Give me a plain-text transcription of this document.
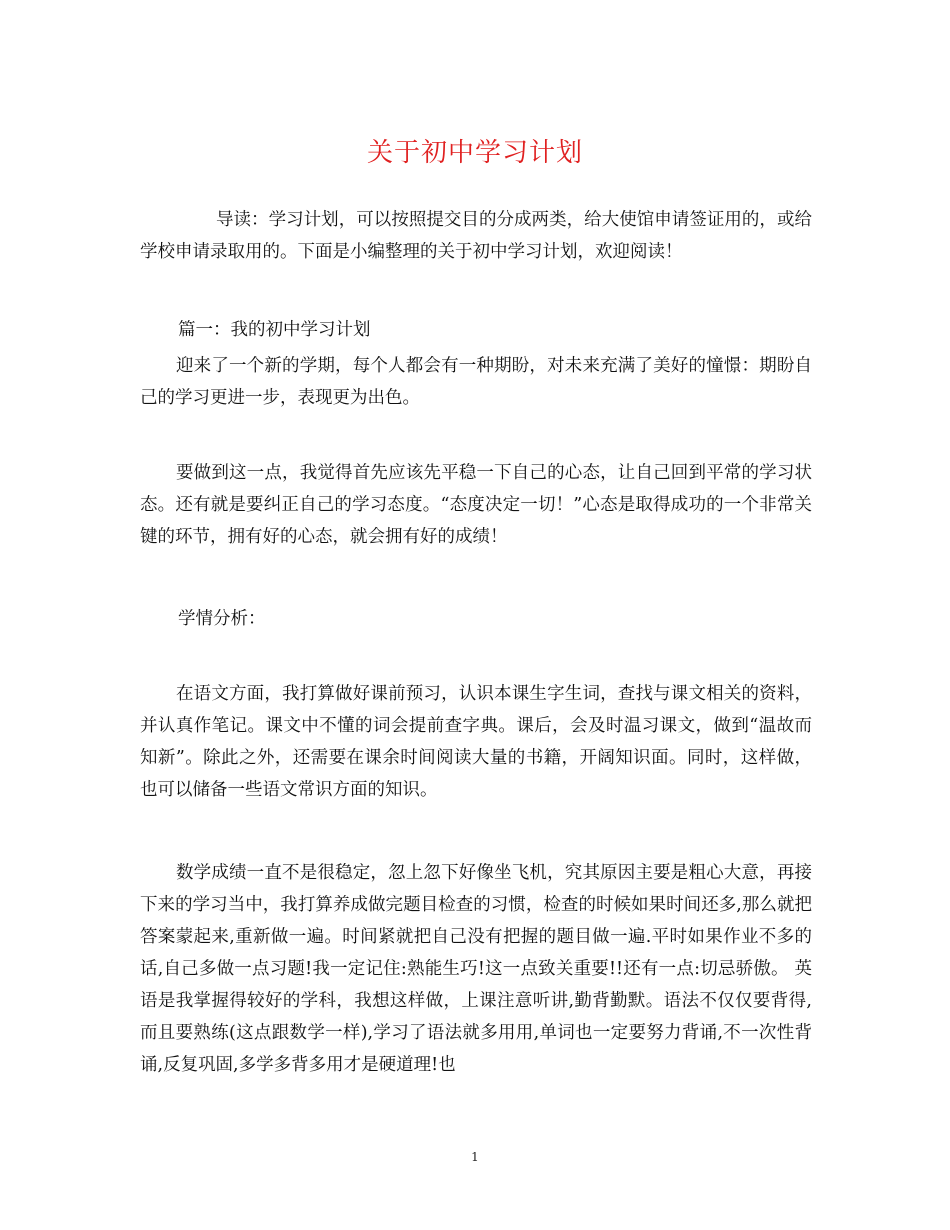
关于初中学习计划

导读：学习计划，可以按照提交目的分成两类，给大使馆申请签证用的，或给学校申请录取用的。下面是小编整理的关于初中学习计划，欢迎阅读！

篇一：我的初中学习计划

迎来了一个新的学期，每个人都会有一种期盼，对未来充满了美好的憧憬：期盼自己的学习更进一步，表现更为出色。

要做到这一点，我觉得首先应该先平稳一下自己的心态，让自己回到平常的学习状态。还有就是要纠正自己的学习态度。“态度决定一切！”心态是取得成功的一个非常关键的环节，拥有好的心态，就会拥有好的成绩！

学情分析：

在语文方面，我打算做好课前预习，认识本课生字生词，查找与课文相关的资料，并认真作笔记。课文中不懂的词会提前查字典。课后，会及时温习课文，做到“温故而知新”。除此之外，还需要在课余时间阅读大量的书籍，开阔知识面。同时，这样做，也可以储备一些语文常识方面的知识。

数学成绩一直不是很稳定，忽上忽下好像坐飞机，究其原因主要是粗心大意，再接下来的学习当中，我打算养成做完题目检查的习惯，检查的时候如果时间还多,那么就把答案蒙起来,重新做一遍。时间紧就把自己没有把握的题目做一遍.平时如果作业不多的话,自己多做一点习题!我一定记住:熟能生巧!这一点致关重要!!还有一点:切忌骄傲。 英语是我掌握得较好的学科，我想这样做，上课注意听讲,勤背勤默。语法不仅仅要背得,而且要熟练(这点跟数学一样),学习了语法就多用用,单词也一定要努力背诵,不一次性背诵,反复巩固,多学多背多用才是硬道理!也

1
